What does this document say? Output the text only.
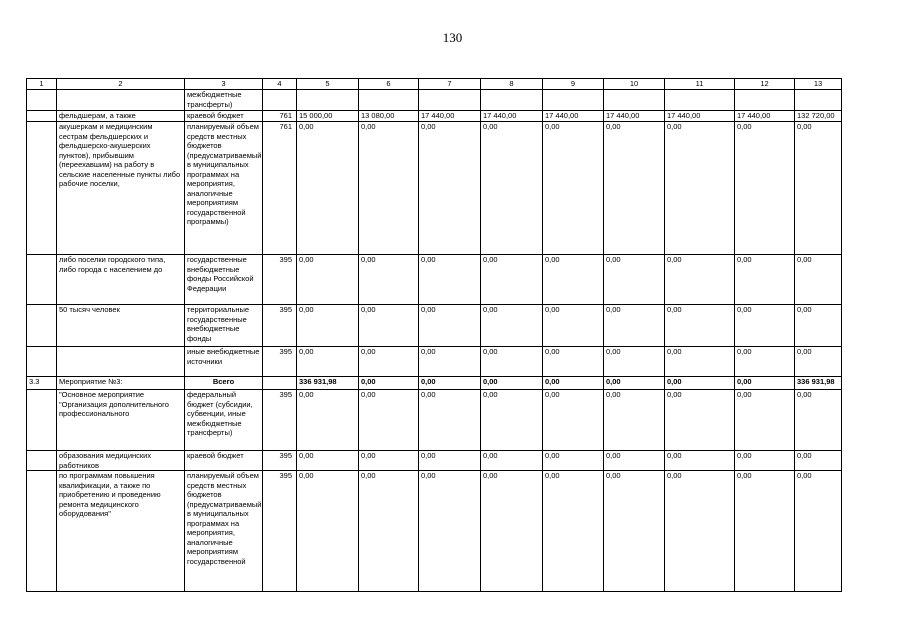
130
1	2	3	4	5	6	7	8	9	10	11	12	13
		межбюджетные трансферты)										
	фельдшерам, а также	краевой бюджет	761	15 000,00	13 080,00	17 440,00	17 440,00	17 440,00	17 440,00	17 440,00	17 440,00	132 720,00
	акушеркам и медицинским сестрам фельдшерских и фельдшерско-акушерских пунктов), прибывшим (переехавшим) на работу в сельские населенные пункты либо рабочие поселки,	планируемый объем средств местных бюджетов (предусматриваемый в муниципальных программах на мероприятия, аналогичные мероприятиям государственной программы)	761	0,00	0,00	0,00	0,00	0,00	0,00	0,00	0,00	0,00
	либо поселки городского типа, либо города с населением до	государственные внебюджетные фонды Российской Федерации	395	0,00	0,00	0,00	0,00	0,00	0,00	0,00	0,00	0,00
	50 тысяч человек	территориальные государственные внебюджетные фонды	395	0,00	0,00	0,00	0,00	0,00	0,00	0,00	0,00	0,00
		иные внебюджетные источники	395	0,00	0,00	0,00	0,00	0,00	0,00	0,00	0,00	0,00
3.3	Мероприятие №3:	Всего		336 931,98	0,00	0,00	0,00	0,00	0,00	0,00	0,00	336 931,98
	"Основное мероприятие "Организация дополнительного профессионального	федеральный бюджет (субсидии, субвенции, иные межбюджетные трансферты)	395	0,00	0,00	0,00	0,00	0,00	0,00	0,00	0,00	0,00
	образования медицинских работников	краевой бюджет	395	0,00	0,00	0,00	0,00	0,00	0,00	0,00	0,00	0,00
	по программам повышения квалификации, а также по приобретению и проведению ремонта медицинского оборудования"	планируемый объем средств местных бюджетов (предусматриваемый в муниципальных программах на мероприятия, аналогичные мероприятиям государственной	395	0,00	0,00	0,00	0,00	0,00	0,00	0,00	0,00	0,00
